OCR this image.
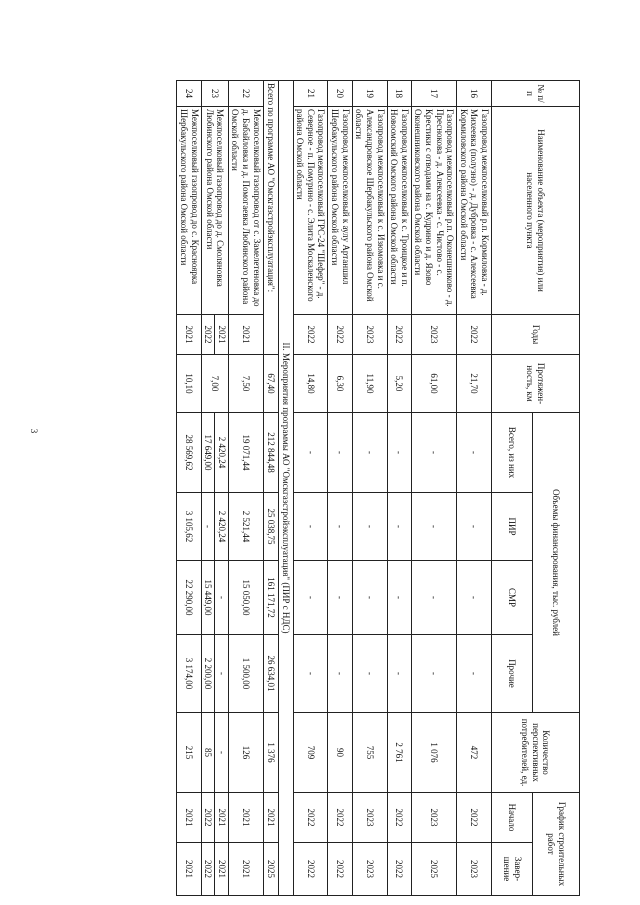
3
№ п/п	Наименование объекта (мероприятия) или населенного пункта	Годы	Протяжен-ность, км	Объемы финансирования, тыс. рублей				Количество перспективных потребителей, ед.	График строительных работ	
				Всего, из них	ПИР	СМР	Прочие		Начало	Завер-шение
16	Газопровод межпоселковый р.п. Кормиловка - д. Михеевка (полузно) - д. Дубровка - с. Алексеевка Кормиловского района Омской области	2022	21,70	-	-	-	-	472	2022	2023
17	Газопровод межпоселковый р.п. Оконешниково - д. Преснокова - д. Алексеевка - с. Чистово - с. Крестики с отводами на с. Кудрино и д. Язово Оконешниковского района Омской области	2023	61,00	-	-	-	-	1 076	2023	2025
18	Газопровод межпоселковый к с. Троицкое и п. Новоомский Омского района Омской области	2022	5,20	-	-	-	-	2 761	2022	2022
19	Газопровод межпоселковый к с. Изюмовка и с. Александровское Шербакульского района Омской области	2023	11,90	-	-	-	-	755	2023	2023
20	Газопровод межпоселковый к аулу Артаншил Шербакульского района Омской области	2022	6,30	-	-	-	-	90	2022	2022
21	Газопровод межпоселковый ГРС-24 "Шефер" - д. Северное - п. Помурино - с. Элита Москаленского района Омской области	2022	14,80	-	-	-	-	709	2022	2022
II. Мероприятия программы АО "Омскгазстройэксплуатация" (ПИР с НДС)										
Всего по программе АО "Омскгазстройэксплуатация":			67,40	212 844,48	25 038,75	161 171,72	26 634,01	1 376	2021	2025
22	Межпоселковый газопровод от с. Замелетеновка до д. Бабайловка и д. Помогаевка Любинского района Омской области	2021	7,50	19 071,44	2 521,44	15 050,00	1 500,00	126	2021	2021
23	Межпоселковый газопровод до д. Смоляновка Любинского района Омской области	2021	7,00	2 420,24	2 420,24	-	-	-	2021	2021
		2022		17 649,00	-	15 449,00	2 200,00	85	2022	2022
24	Межпоселковый газопровод до с. Красноярка Шербакульского района Омской области	2021	10,10	28 569,62	3 105,62	22 290,00	3 174,00	215	2021	2021
